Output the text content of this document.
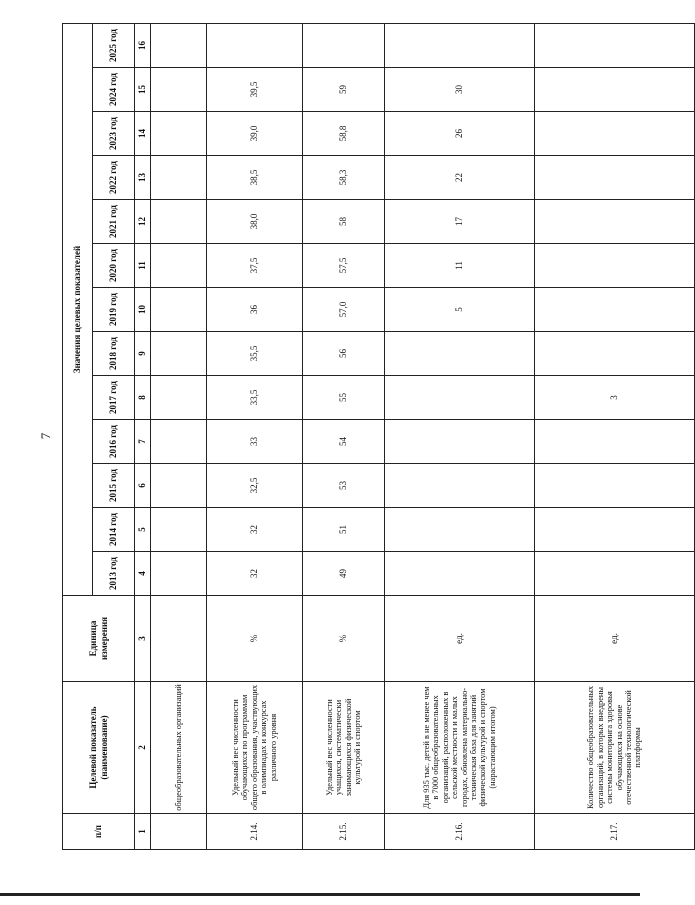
7
п/п	Целевой показатель (наименование)	Единица измерения	Значения целевых показателей												
			2013 год	2014 год	2015 год	2016 год	2017 год	2018 год	2019 год	2020 год	2021 год	2022 год	2023 год	2024 год	2025 год
1	2	3	4	5	6	7	8	9	10	11	12	13	14	15	16
	общеобразовательных организаций														
2.14.	Удельный вес численности обучающихся по программам общего образования, участвующих в олимпиадах и конкурсах различного уровня	%	32	32	32,5	33	33,5	35,5	36	37,5	38,0	38,5	39,0	39,5	
2.15.	Удельный вес численности учащихся, систематически занимающихся физической культурой и спортом	%	49	51	53	54	55	56	57,0	57,5	58	58,3	58,8	59	
2.16.	Для 935 тыс. детей в не менее чем в 7000 общеобразовательных организаций, расположенных в сельской местности и малых городах, обновлена материально-техническая база для занятий физической культурой и спортом (нарастающим итогом)	ед.							5	11	17	22	26	30	
2.17.	Количество общеобразовательных организаций, в которых внедрены системы мониторинга здоровья обучающихся на основе отечественной технологической платформы	ед.					3								
